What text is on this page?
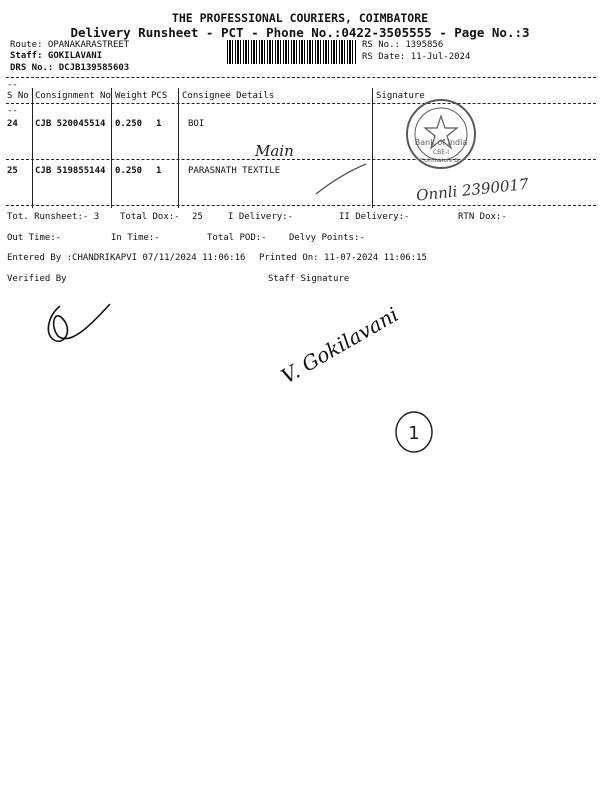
THE PROFESSIONAL COURIERS, COIMBATORE
Delivery Runsheet - PCT - Phone No.:0422-3505555 - Page No.:3
Route: OPANAKARASTREET
Staff: GOKILAVANI
DRS No.: DCJB139585603
RS No.: 1395856
RS Date: 11-Jul-2024
--
S No Consignment No Weight PCS Consignee Details	Signature
--
24 CJB 520045514 0.250 1	BOI
25 CJB 519855144 0.250 1	PARASNATH TEXTILE
Bank of India
CBE-I
Coimbatore Br.
Main
Onnli 2390017
Tot. Runsheet:- 3 Total Dox:- 25	I Delivery:-	II Delivery:-	RTN Dox:-
Out Time:-	In Time:-	Total POD:- Delvy Points:-
Entered By :CHANDRIKAPVI 07/11/2024 11:06:16 Printed On: 11-07-2024 11:06:15
Verified By	Staff Signature
V. Gokilavani
1
